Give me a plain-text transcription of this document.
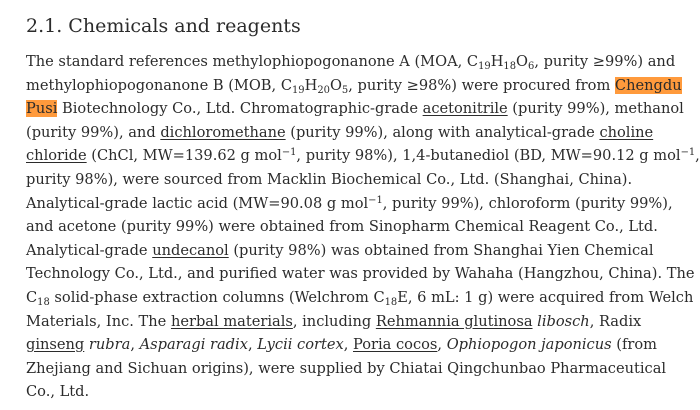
2.1. Chemicals and reagents
The standard references methylophiopogonanone A (MOA, $C_{19}H_{18}O_6$, purity ≥99%) and
methylophiopogonanone B (MOB, $C_{19}H_{20}O_5$, purity ≥98%) were procured from Chengdu
Pusi Biotechnology Co., Ltd. Chromatographic-grade acetonitrile (purity 99%), methanol
(purity 99%), and dichloromethane (purity 99%), along with analytical-grade choline
chloride (ChCl, MW=139.62 g mol$^{-1}$, purity 98%), 1,4-butanediol (BD, MW=90.12 g mol$^{-1}$,
purity 98%), were sourced from Macklin Biochemical Co., Ltd. (Shanghai, China).
Analytical-grade lactic acid (MW=90.08 g mol$^{-1}$, purity 99%), chloroform (purity 99%),
and acetone (purity 99%) were obtained from Sinopharm Chemical Reagent Co., Ltd.
Analytical-grade undecanol (purity 98%) was obtained from Shanghai Yien Chemical
Technology Co., Ltd., and purified water was provided by Wahaha (Hangzhou, China). The
$C_{18}$ solid-phase extraction columns (Welchrom $C_{18}E$, 6 mL: 1 g) were acquired from Welch
Materials, Inc. The herbal materials, including Rehmannia glutinosa libosch, Radix
ginseng rubra, Asparagi radix, Lycii cortex, Poria cocos, Ophiopogon japonicus (from
Zhejiang and Sichuan origins), were supplied by Chiatai Qingchunbao Pharmaceutical
Co., Ltd.
